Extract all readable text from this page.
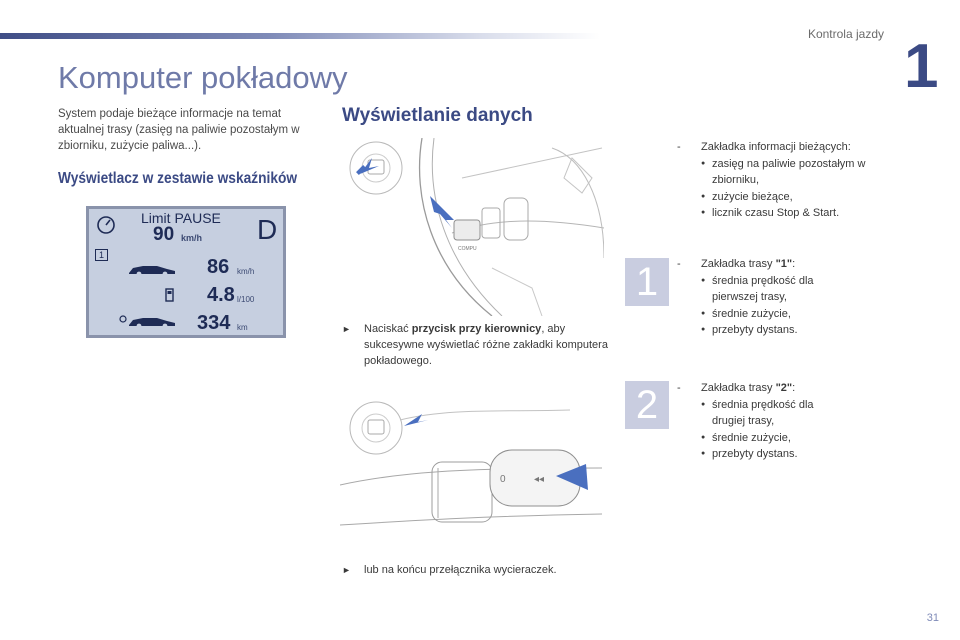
Kontrola jazdy 1
Komputer pokładowy

System podaje bieżące informacje na temat aktualnej trasy (zasięg na paliwie pozostałym w zbiorniku, zużycie paliwa...).

Wyświetlacz w zestawie wskaźników
Wyświetlanie danych
Limit PAUSE
90 km/h D
1
86 km/h
4.8 l/100
334 km
COMPU
► Naciskać przycisk przy kierownicy, aby sukcesywne wyświetlać różne zakładki komputera pokładowego.
0	◂◂
► lub na końcu przełącznika wycieraczek.
1
2
- Zakładka informacji bieżących:
● zasięg na paliwie pozostałym w zbiorniku,
● zużycie bieżące,
● licznik czasu Stop & Start.
- Zakładka trasy "1":
● średnia prędkość dla pierwszej trasy,
● średnie zużycie,
● przebyty dystans.
- Zakładka trasy "2":
● średnia prędkość dla drugiej trasy,
● średnie zużycie,
● przebyty dystans.
31
